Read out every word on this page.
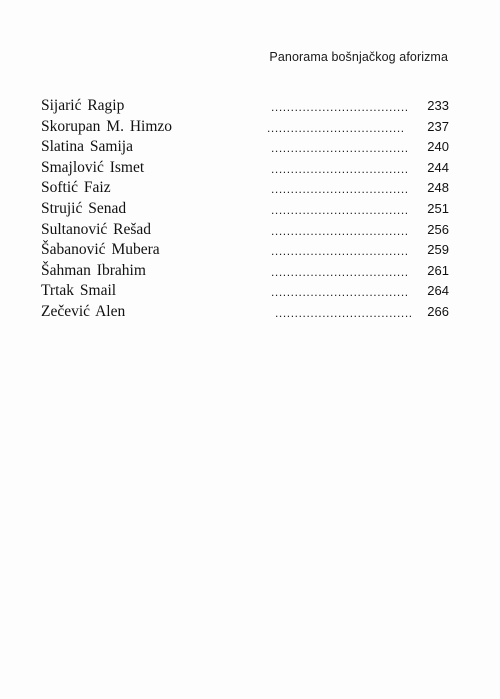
Panorama bošnjačkog aforizma
Sijarić Ragip	................................... 233
Skorupan M. Himzo	................................... 237
Slatina Samija	................................... 240
Smajlović Ismet	................................... 244
Softić Faiz	................................... 248
Strujić Senad	................................... 251
Sultanović Rešad	................................... 256
Šabanović Mubera	................................... 259
Šahman Ibrahim	................................... 261
Trtak Smail	................................... 264
Zečević Alen	................................... 266
